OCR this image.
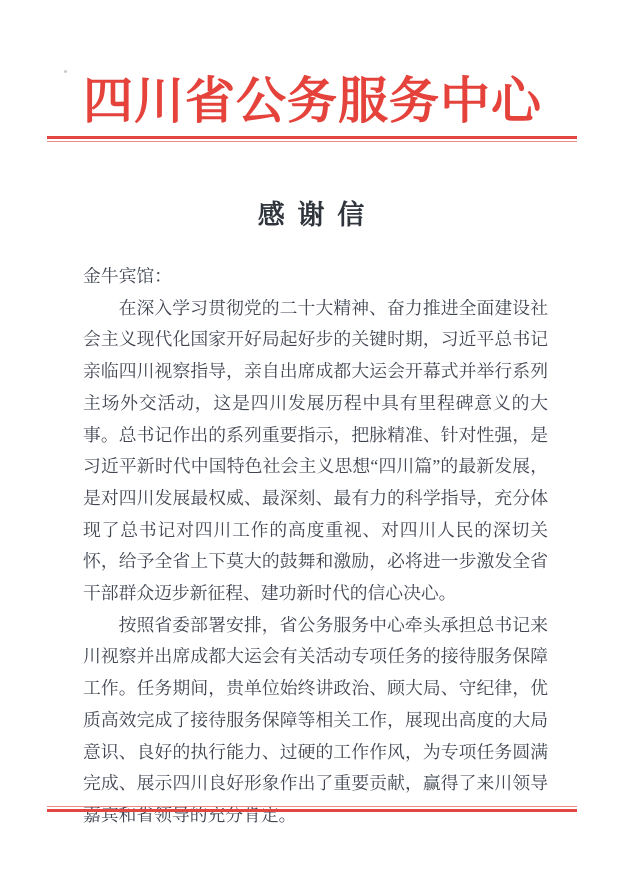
四川省公务服务中心
感 谢 信

金牛宾馆：

在深入学习贯彻党的二十大精神、奋力推进全面建设社会主义现代化国家开好局起好步的关键时期，习近平总书记亲临四川视察指导，亲自出席成都大运会开幕式并举行系列主场外交活动，这是四川发展历程中具有里程碑意义的大事。总书记作出的系列重要指示，把脉精准、针对性强，是习近平新时代中国特色社会主义思想“四川篇”的最新发展，是对四川发展最权威、最深刻、最有力的科学指导，充分体现了总书记对四川工作的高度重视、对四川人民的深切关怀，给予全省上下莫大的鼓舞和激励，必将进一步激发全省干部群众迈步新征程、建功新时代的信心决心。

按照省委部署安排，省公务服务中心牵头承担总书记来川视察并出席成都大运会有关活动专项任务的接待服务保障工作。任务期间，贵单位始终讲政治、顾大局、守纪律，优质高效完成了接待服务保障等相关工作，展现出高度的大局意识、良好的执行能力、过硬的工作作风，为专项任务圆满完成、展示四川良好形象作出了重要贡献，赢得了来川领导嘉宾和省领导的充分肯定。
